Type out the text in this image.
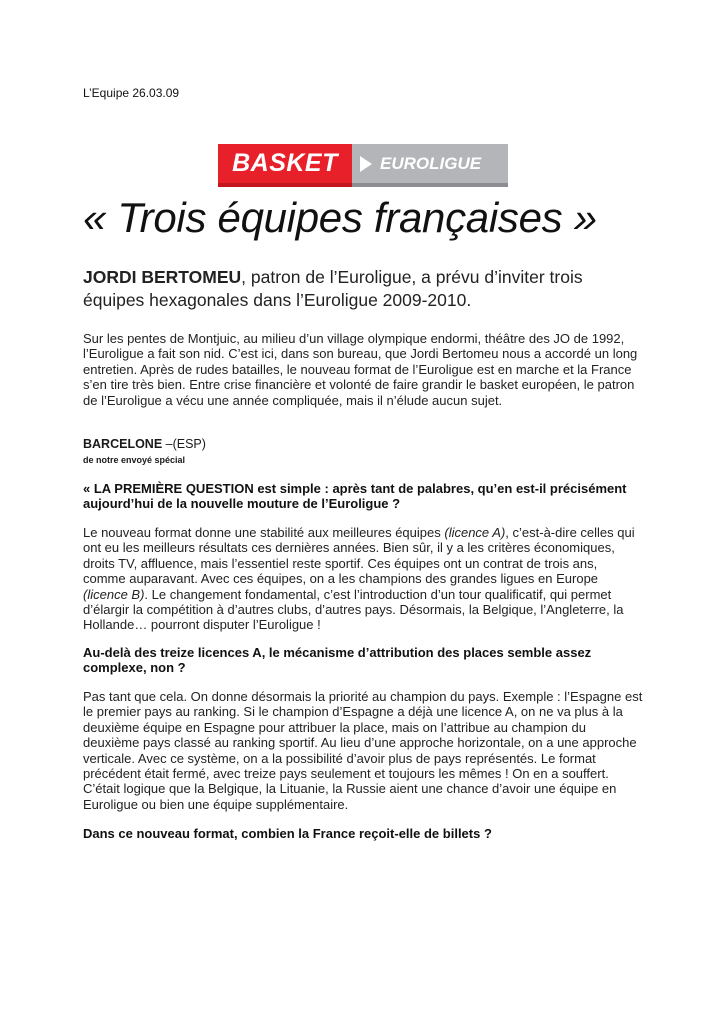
L’Equipe 26.03.09
BASKET	EUROLIGUE
« Trois équipes françaises »
JORDI BERTOMEU, patron de l’Euroligue, a prévu d’inviter trois équipes hexagonales dans l’Euroligue 2009-2010.
Sur les pentes de Montjuic, au milieu d’un village olympique endormi, théâtre des JO de 1992, l’Euroligue a fait son nid. C’est ici, dans son bureau, que Jordi Bertomeu nous a accordé un long entretien. Après de rudes batailles, le nouveau format de l’Euroligue est en marche et la France s’en tire très bien. Entre crise financière et volonté de faire grandir le basket européen, le patron de l’Euroligue a vécu une année compliquée, mais il n’élude aucun sujet.
BARCELONE –(ESP)
de notre envoyé spécial
« LA PREMIÈRE QUESTION est simple : après tant de palabres, qu’en est-il précisément aujourd’hui de la nouvelle mouture de l’Euroligue ?
Le nouveau format donne une stabilité aux meilleures équipes (licence A), c’est-à-dire celles qui ont eu les meilleurs résultats ces dernières années. Bien sûr, il y a les critères économiques, droits TV, affluence, mais l’essentiel reste sportif. Ces équipes ont un contrat de trois ans, comme auparavant. Avec ces équipes, on a les champions des grandes ligues en Europe (licence B). Le changement fondamental, c’est l’introduction d’un tour qualificatif, qui permet d’élargir la compétition à d’autres clubs, d’autres pays. Désormais, la Belgique, l’Angleterre, la Hollande… pourront disputer l’Euroligue !
Au-delà des treize licences A, le mécanisme d’attribution des places semble assez complexe, non ?
Pas tant que cela. On donne désormais la priorité au champion du pays. Exemple : l’Espagne est le premier pays au ranking. Si le champion d’Espagne a déjà une licence A, on ne va plus à la deuxième équipe en Espagne pour attribuer la place, mais on l’attribue au champion du deuxième pays classé au ranking sportif. Au lieu d’une approche horizontale, on a une approche verticale. Avec ce système, on a la possibilité d’avoir plus de pays représentés. Le format précédent était fermé, avec treize pays seulement et toujours les mêmes ! On en a souffert. C’était logique que la Belgique, la Lituanie, la Russie aient une chance d’avoir une équipe en Euroligue ou bien une équipe supplémentaire.
Dans ce nouveau format, combien la France reçoit-elle de billets ?
